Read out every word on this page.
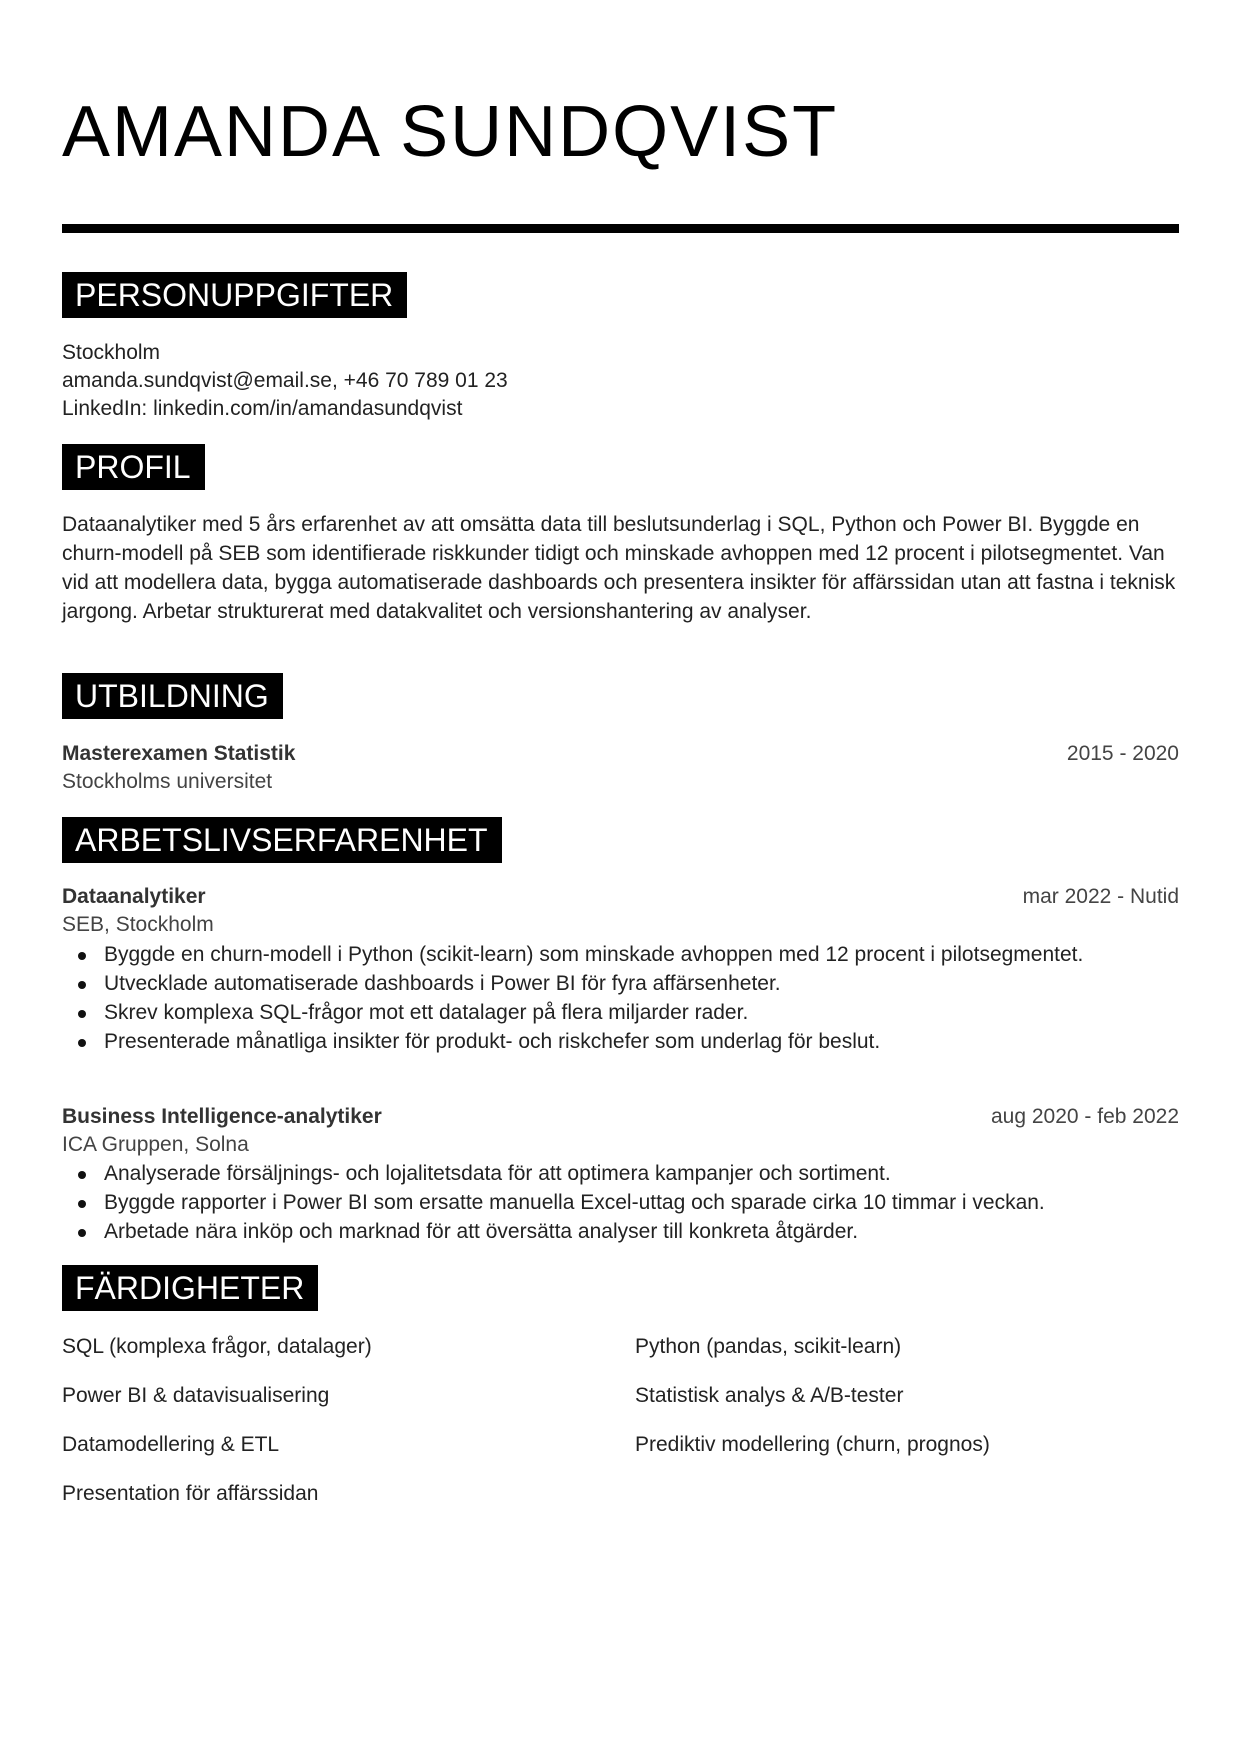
AMANDA SUNDQVIST
PERSONUPPGIFTER
Stockholm
amanda.sundqvist@email.se, +46 70 789 01 23
LinkedIn: linkedin.com/in/amandasundqvist
PROFIL

Dataanalytiker med 5 års erfarenhet av att omsätta data till beslutsunderlag i SQL, Python och Power BI. Byggde en churn-modell på SEB som identifierade riskkunder tidigt och minskade avhoppen med 12 procent i pilotsegmentet. Van vid att modellera data, bygga automatiserade dashboards och presentera insikter för affärssidan utan att fastna i teknisk jargong. Arbetar strukturerat med datakvalitet och versionshantering av analyser.

UTBILDNING
Masterexamen Statistik	2015 - 2020
Stockholms universitet
ARBETSLIVSERFARENHET
Dataanalytiker	mar 2022 - Nutid
SEB, Stockholm
Byggde en churn-modell i Python (scikit-learn) som minskade avhoppen med 12 procent i pilotsegmentet.
Utvecklade automatiserade dashboards i Power BI för fyra affärsenheter.
Skrev komplexa SQL-frågor mot ett datalager på flera miljarder rader.
Presenterade månatliga insikter för produkt- och riskchefer som underlag för beslut.
Business Intelligence-analytiker	aug 2020 - feb 2022
ICA Gruppen, Solna
Analyserade försäljnings- och lojalitetsdata för att optimera kampanjer och sortiment.
Byggde rapporter i Power BI som ersatte manuella Excel-uttag och sparade cirka 10 timmar i veckan.
Arbetade nära inköp och marknad för att översätta analyser till konkreta åtgärder.
FÄRDIGHETER
SQL (komplexa frågor, datalager)	Python (pandas, scikit-learn)
Power BI & datavisualisering	Statistisk analys & A/B-tester
Datamodellering & ETL	Prediktiv modellering (churn, prognos)
Presentation för affärssidan
